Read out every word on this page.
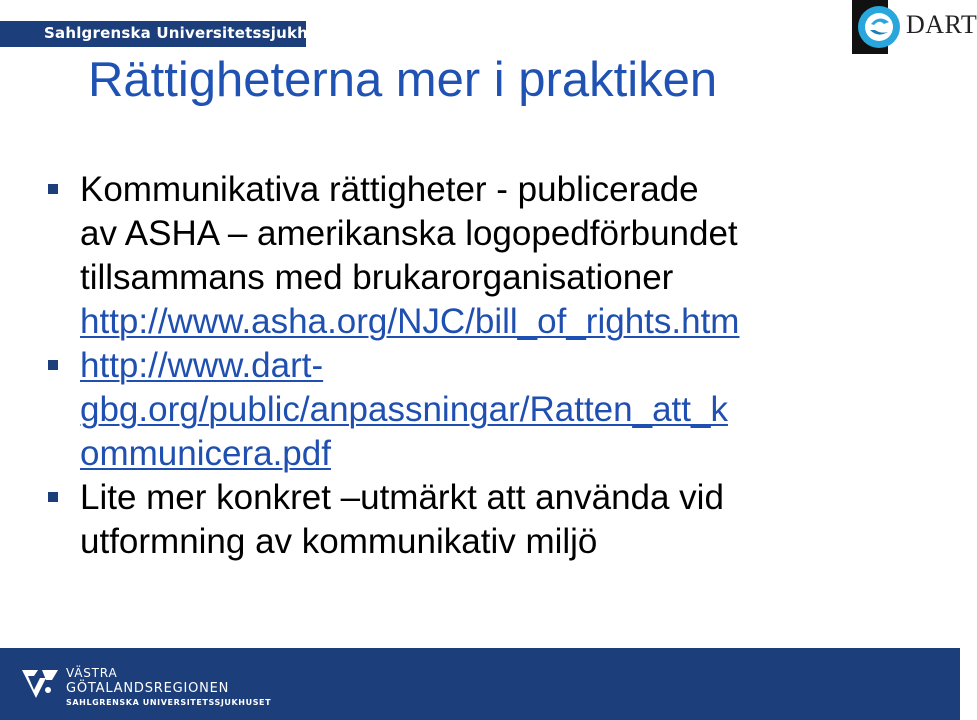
Sahlgrenska Universitetssjukhuset	DART
Rättigheterna mer i praktiken
Kommunikativa rättigheter - publicerade
av ASHA – amerikanska logopedförbundet
tillsammans med brukarorganisationer
http://www.asha.org/NJC/bill_of_rights.htm
http://www.dart-
gbg.org/public/anpassningar/Ratten_att_k
ommunicera.pdf
Lite mer konkret –utmärkt att använda vid
utformning av kommunikativ miljö
VÄSTRA
GÖTALANDSREGIONEN
SAHLGRENSKA UNIVERSITETSSJUKHUSET
